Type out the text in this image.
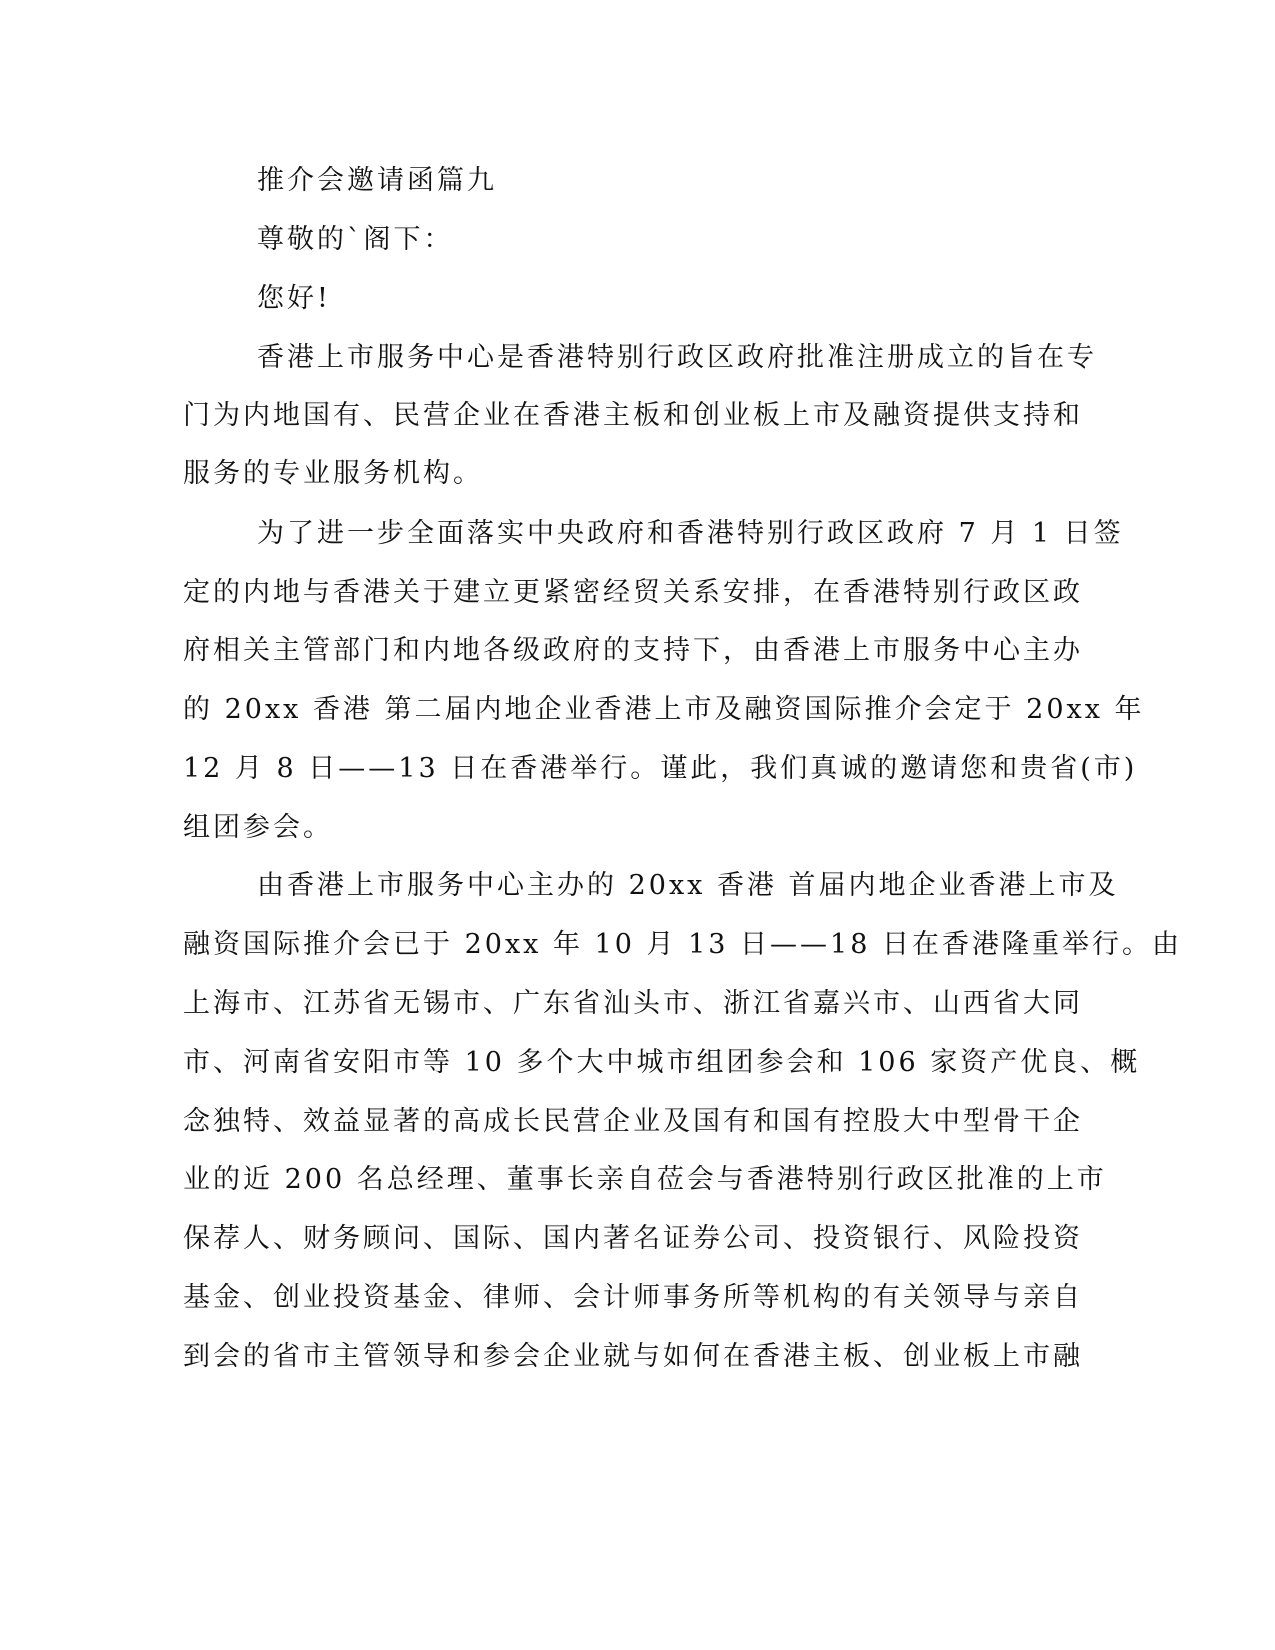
推介会邀请函篇九
尊敬的`阁下：
您好!
香港上市服务中心是香港特别行政区政府批准注册成立的旨在专
门为内地国有、民营企业在香港主板和创业板上市及融资提供支持和
服务的专业服务机构。
为了进一步全面落实中央政府和香港特别行政区政府 7 月 1 日签
定的内地与香港关于建立更紧密经贸关系安排，在香港特别行政区政
府相关主管部门和内地各级政府的支持下，由香港上市服务中心主办
的 20xx 香港 第二届内地企业香港上市及融资国际推介会定于 20xx 年
12 月 8 日——13 日在香港举行。谨此，我们真诚的邀请您和贵省(市)
组团参会。
由香港上市服务中心主办的 20xx 香港 首届内地企业香港上市及
融资国际推介会已于 20xx 年 10 月 13 日——18 日在香港隆重举行。由
上海市、江苏省无锡市、广东省汕头市、浙江省嘉兴市、山西省大同
市、河南省安阳市等 10 多个大中城市组团参会和 106 家资产优良、概
念独特、效益显著的高成长民营企业及国有和国有控股大中型骨干企
业的近 200 名总经理、董事长亲自莅会与香港特别行政区批准的上市
保荐人、财务顾问、国际、国内著名证券公司、投资银行、风险投资
基金、创业投资基金、律师、会计师事务所等机构的有关领导与亲自
到会的省市主管领导和参会企业就与如何在香港主板、创业板上市融
